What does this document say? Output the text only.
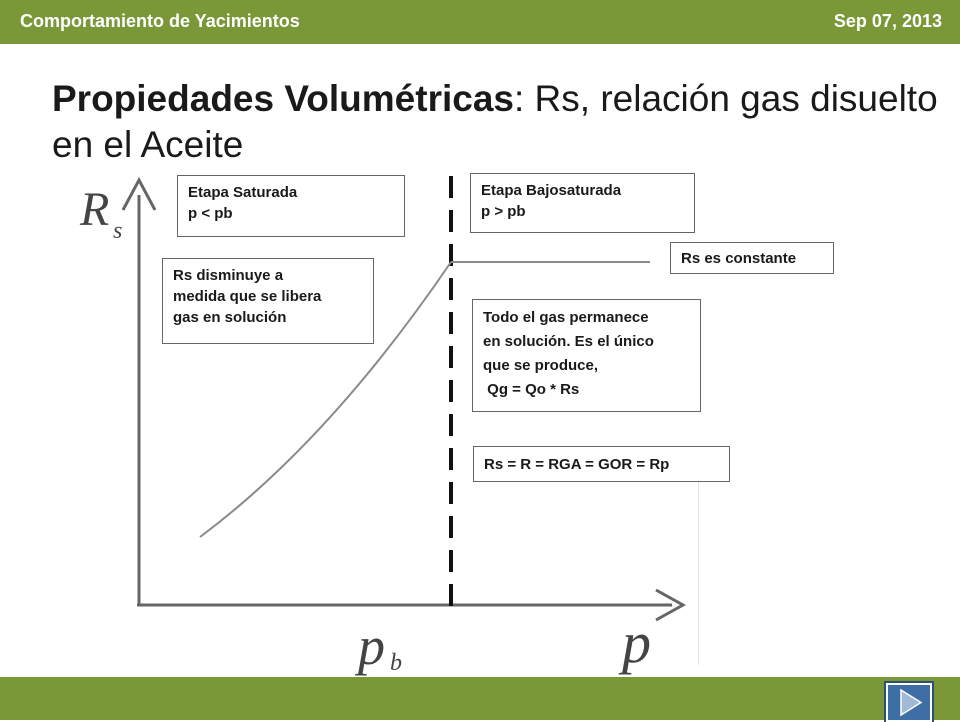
Comportamiento de Yacimientos	Sep 07, 2013
Propiedades Volumétricas: Rs, relación gas disuelto en el Aceite
R s
p
p b
Etapa Saturada
p < pb
Etapa Bajosaturada
p > pb
Rs es constante
Rs disminuye a
medida que se libera
gas en solución	Todo el gas permanece
en solución. Es el único
que se produce,
Qg = Qo * Rs
Rs = R = RGA = GOR = Rp
